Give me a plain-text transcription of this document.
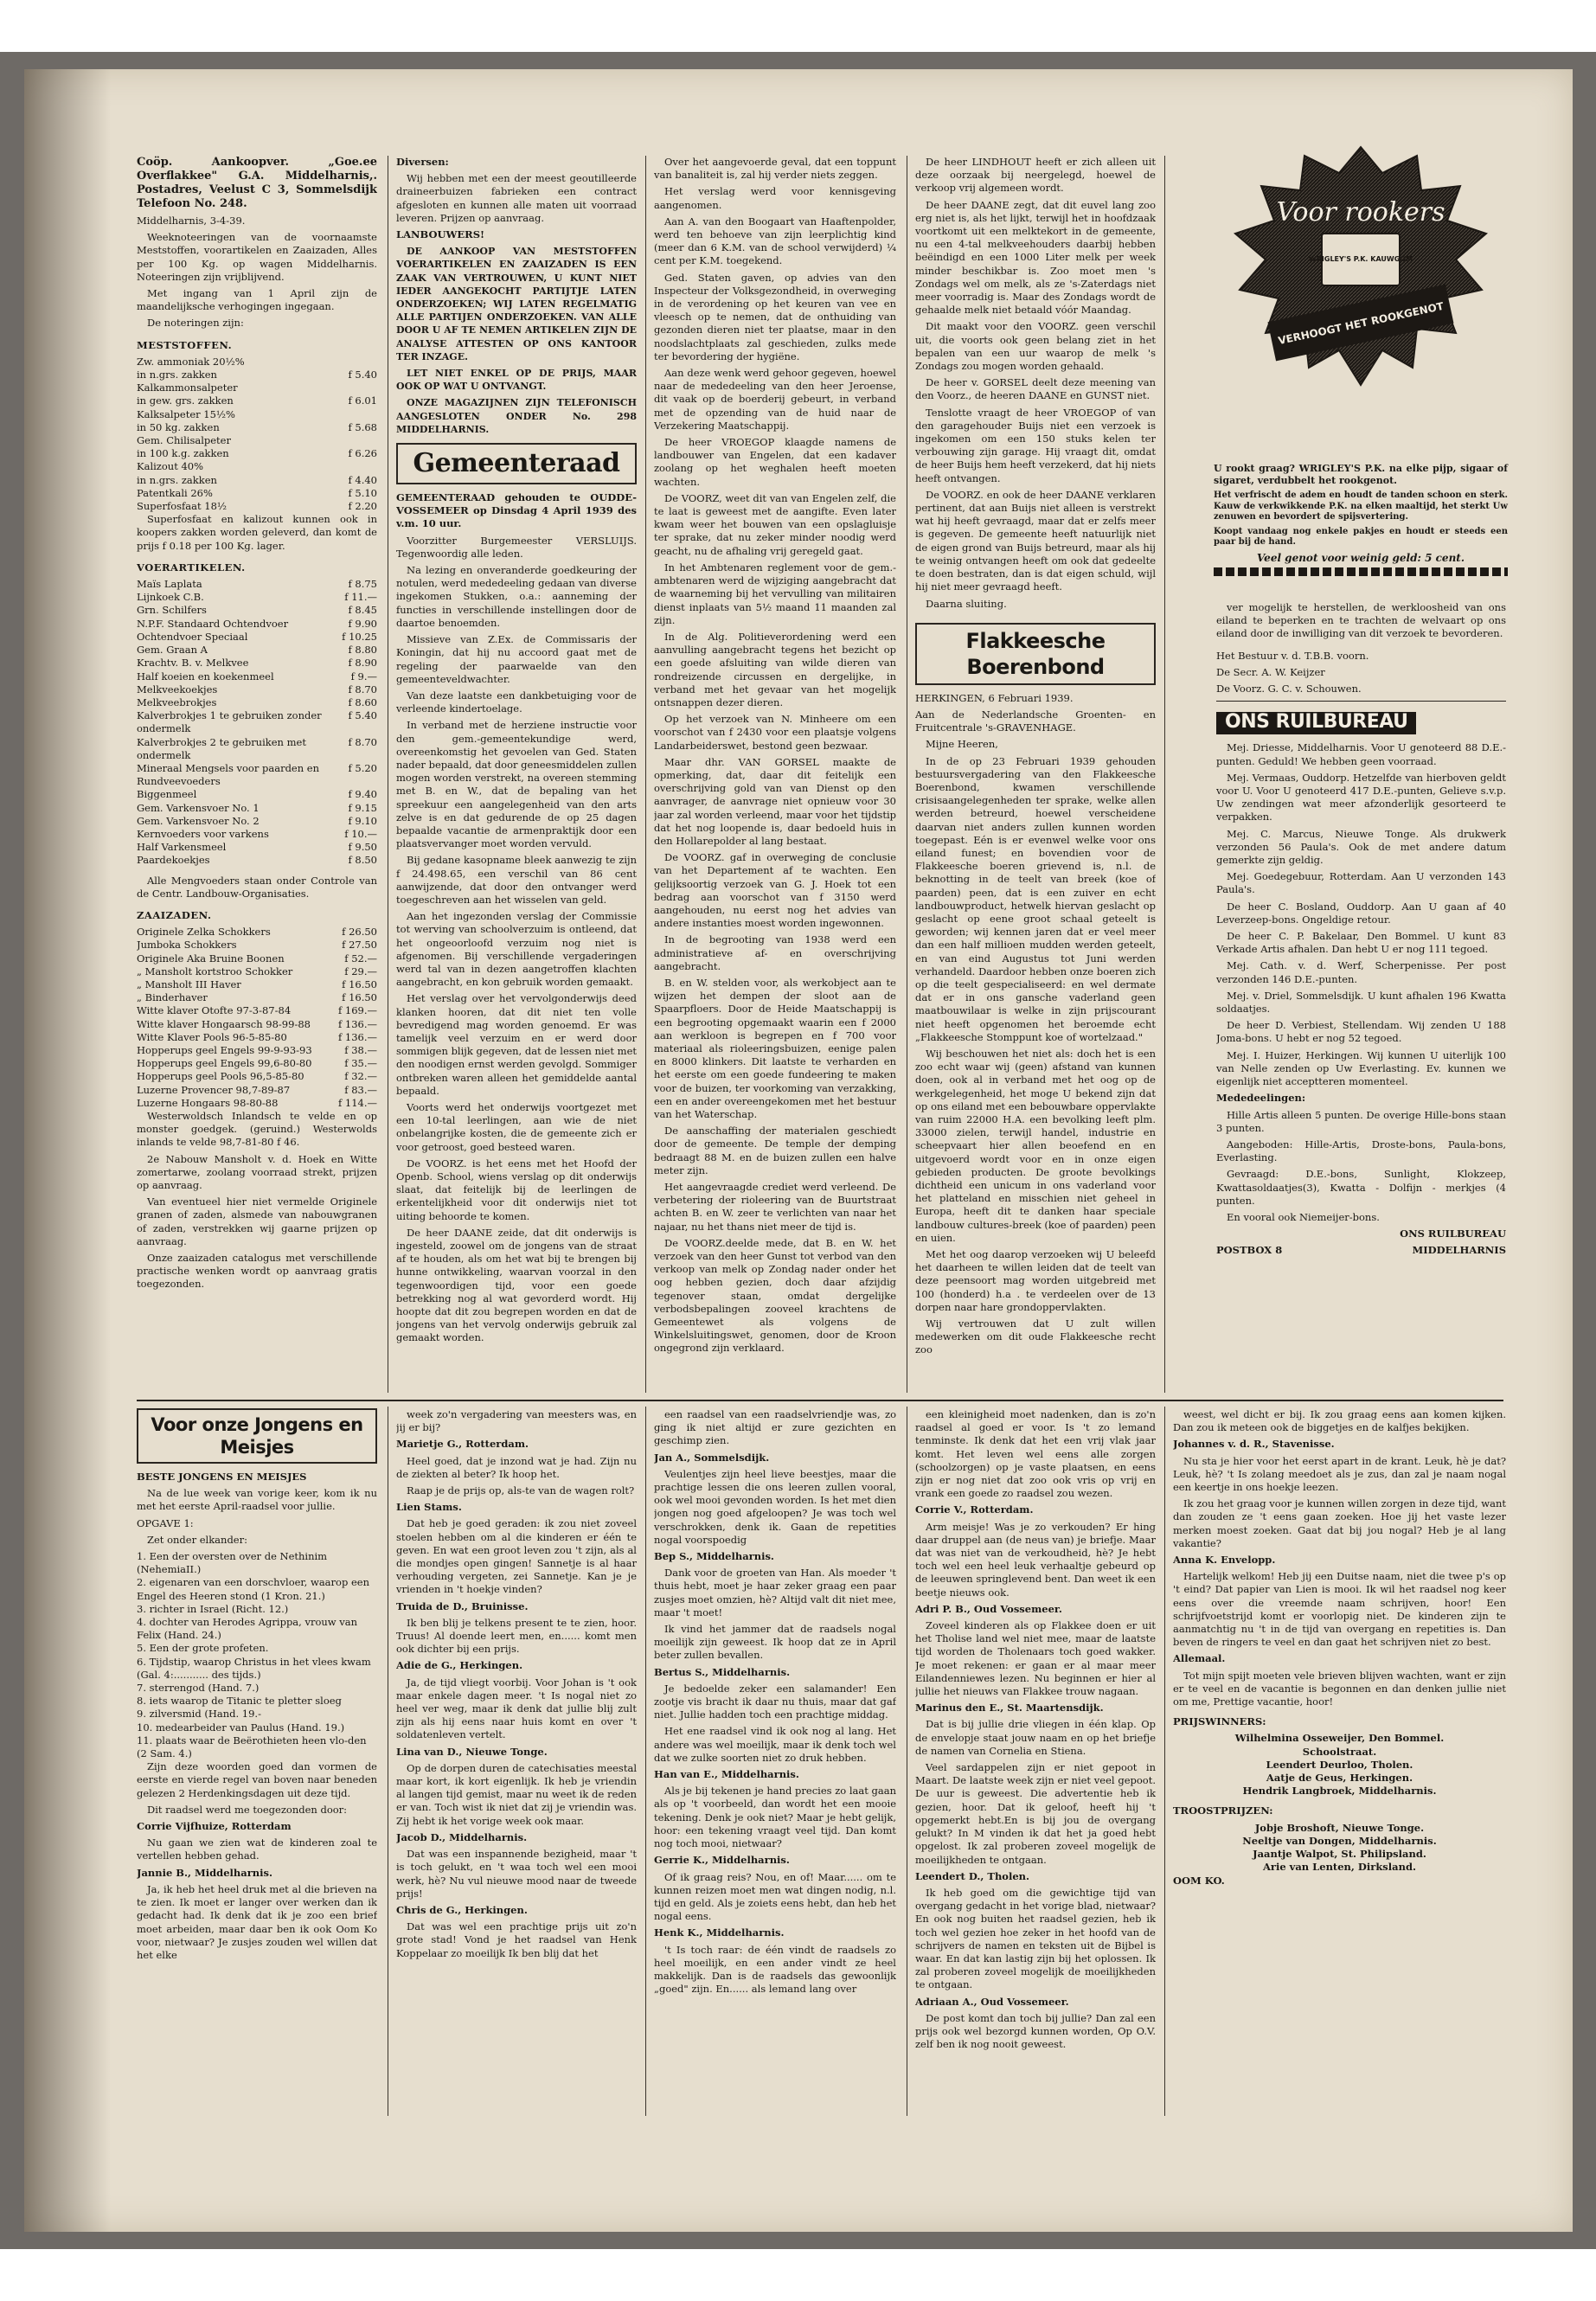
Coöp. Aankoopver. „Goe.ee Overflakkee" G.A. Middelharnis,. Postadres, Veelust C 3, Sommelsdijk Telefoon No. 248.

Middelharnis, 3-4-39.

Weeknoteeringen van de voornaamste Meststoffen, voorartikelen en Zaaizaden, Alles per 100 Kg. op wagen Middelharnis. Noteeringen zijn vrijblijvend.

Met ingang van 1 April zijn de maandelijksche verhogingen ingegaan.

De noteringen zijn:

MESTSTOFFEN.
Zw. ammoniak 20½%
in n.grs. zakken	f 5.40
Kalkammonsalpeter
in gew. grs. zakken	f 6.01
Kalksalpeter 15½%
in 50 kg. zakken	f 5.68
Gem. Chilisalpeter
in 100 k.g. zakken	f 6.26
Kalizout 40%
in n.grs. zakken	f 4.40
Patentkali 26%	f 5.10
Superfosfaat 18½	f 2.20

Superfosfaat en kalizout kunnen ook in koopers zakken worden geleverd, dan komt de prijs f 0.18 per 100 Kg. lager.

VOERARTIKELEN.
Maïs Laplata	f 8.75
Lijnkoek C.B.	f 11.—
Grn. Schilfers	f 8.45
N.P.F. Standaard Ochtendvoer	f 9.90
Ochtendvoer Speciaal	f 10.25
Gem. Graan A	f 8.80
Krachtv. B. v. Melkvee	f 8.90
Half koeien en koekenmeel	f 9.—
Melkveekoekjes	f 8.70
Melkveebrokjes	f 8.60
Kalverbrokjes 1 te gebruiken zonder ondermelk
f 5.40
Kalverbrokjes 2 te gebruiken met ondermelk
f 8.70
Mineraal Mengsels voor paarden en Rundveevoeders
f 5.20
Biggenmeel	f 9.40
Gem. Varkensvoer No. 1	f 9.15
Gem. Varkensvoer No. 2	f 9.10
Kernvoeders voor varkens	f 10.—
Half Varkensmeel	f 9.50
Paardekoekjes	f 8.50

Alle Mengvoeders staan onder Controle van de Centr. Landbouw-Organisaties.

ZAAIZADEN.
Originele Zelka Schokkers	f 26.50
Jumboka Schokkers	f 27.50
Originele Aka Bruine Boonen	f 52.—
„ Mansholt kortstroo Schokker	f 29.—
„ Mansholt III Haver	f 16.50
„ Binderhaver	f 16.50
Witte klaver Otofte 97-3-87-84	f 169.—
Witte klaver Hongaarsch 98-99-88	f 136.—
Witte Klaver Pools 96-5-85-80	f 136.—
Hopperups geel Engels 99-9-93-93	f 38.—
Hopperups geel Engels 99,6-80-80	f 35.—
Hopperups geel Pools 96,5-85-80	f 32.—
Luzerne Provencer 98,7-89-87	f 83.—
Luzerne Hongaars 98-80-88	f 114.—

Westerwoldsch Inlandsch te velde en op monster goedgek. (geruind.) Westerwolds inlands te velde 98,7-81-80 f 46.

2e Nabouw Mansholt v. d. Hoek en Witte zomertarwe, zoolang voorraad strekt, prijzen op aanvraag.

Van eventueel hier niet vermelde Originele granen of zaden, alsmede van nabouwgranen of zaden, verstrekken wij gaarne prijzen op aanvraag.

Onze zaaizaden catalogus met verschillende practische wenken wordt op aanvraag gratis toegezonden.

Diversen:

Wij hebben met een der meest geoutilleerde draineerbuizen fabrieken een contract afgesloten en kunnen alle maten uit voorraad leveren. Prijzen op aanvraag.

LANBOUWERS!

DE AANKOOP VAN MESTSTOFFEN VOERARTIKELEN EN ZAAIZADEN IS EEN ZAAK VAN VERTROUWEN, U KUNT NIET IEDER AANGEKOCHT PARTIJTJE LATEN ONDERZOEKEN; WIJ LATEN REGELMATIG ALLE PARTIJEN ONDERZOEKEN. VAN ALLE DOOR U AF TE NEMEN ARTIKELEN ZIJN DE ANALYSE ATTESTEN OP ONS KANTOOR TER INZAGE.

LET NIET ENKEL OP DE PRIJS, MAAR OOK OP WAT U ONTVANGT.

ONZE MAGAZIJNEN ZIJN TELEFONISCH AANGESLOTEN ONDER No. 298 MIDDELHARNIS.

Gemeenteraad

GEMEENTERAAD gehouden te OUDDE-VOSSEMEER op Dinsdag 4 April 1939 des v.m. 10 uur.

Voorzitter Burgemeester VERSLUIJS. Tegenwoordig alle leden.

Na lezing en onveranderde goedkeuring der notulen, werd mededeeling gedaan van diverse ingekomen Stukken, o.a.: aanneming der functies in verschillende instellingen door de daartoe benoemden.

Missieve van Z.Ex. de Commissaris der Koningin, dat hij nu accoord gaat met de regeling der paarwaelde van den gemeenteveldwachter.

Van deze laatste een dankbetuiging voor de verleende kindertoelage.

In verband met de herziene instructie voor den gem.-gemeentekundige werd, overeenkomstig het gevoelen van Ged. Staten nader bepaald, dat door geneesmiddelen zullen mogen worden verstrekt, na overeen stemming met B. en W., dat de bepaling van het spreekuur een aangelegenheid van den arts zelve is en dat gedurende de op 25 dagen bepaalde vacantie de armenpraktijk door een plaatsvervanger moet worden vervuld.

Bij gedane kasopname bleek aanwezig te zijn f 24.498.65, een verschil van 86 cent aanwijzende, dat door den ontvanger werd toegeschreven aan het wisselen van geld.

Aan het ingezonden verslag der Commissie tot werving van schoolverzuim is ontleend, dat het ongeoorloofd verzuim nog niet is afgenomen. Bij verschillende vergaderingen werd tal van in dezen aangetroffen klachten aangebracht, en kon gebruik worden gemaakt.

Het verslag over het vervolgonderwijs deed klanken hooren, dat dit niet ten volle bevredigend mag worden genoemd. Er was tamelijk veel verzuim en er werd door sommigen blijk gegeven, dat de lessen niet met den noodigen ernst werden gevolgd. Sommiger ontbreken waren alleen het gemiddelde aantal bepaald.

Voorts werd het onderwijs voortgezet met een 10-tal leerlingen, aan wie de niet onbelangrijke kosten, die de gemeente zich er voor getroost, goed besteed waren.

De VOORZ. is het eens met het Hoofd der Openb. School, wiens verslag op dit onderwijs slaat, dat feitelijk bij de leerlingen de erkentelijkheid voor dit onderwijs niet tot uiting behoorde te komen.

De heer DAANE zeide, dat dit onderwijs is ingesteld, zoowel om de jongens van de straat af te houden, als om het wat bij te brengen bij hunne ontwikkeling, waarvan voorzal in den tegenwoordigen tijd, voor een goede betrekking nog al wat gevorderd wordt. Hij hoopte dat dit zou begrepen worden en dat de jongens van het vervolg onderwijs gebruik zal gemaakt worden.

Over het aangevoerde geval, dat een toppunt van banaliteit is, zal hij verder niets zeggen.

Het verslag werd voor kennisgeving aangenomen.

Aan A. van den Boogaart van Haaftenpolder, werd ten behoeve van zijn leerplichtig kind (meer dan 6 K.M. van de school verwijderd) ¼ cent per K.M. toegekend.

Ged. Staten gaven, op advies van den Inspecteur der Volksgezondheid, in overweging in de verordening op het keuren van vee en vleesch op te nemen, dat de onthuiding van gezonden dieren niet ter plaatse, maar in den noodslachtplaats zal geschieden, zulks mede ter bevordering der hygiëne.

Aan deze wenk werd gehoor gegeven, hoewel naar de mededeeling van den heer Jeroense, dit vaak op de boerderij gebeurt, in verband met de opzending van de huid naar de Verzekering Maatschappij.

De heer VROEGOP klaagde namens de landbouwer van Engelen, dat een kadaver zoolang op het weghalen heeft moeten wachten.

De VOORZ, weet dit van van Engelen zelf, die te laat is geweest met de aangifte. Even later kwam weer het bouwen van een opslagluisje ter sprake, dat nu zeker minder noodig werd geacht, nu de afhaling vrij geregeld gaat.

In het Ambtenaren reglement voor de gem.-ambtenaren werd de wijziging aangebracht dat de waarneming bij het vervulling van militairen dienst inplaats van 5½ maand 11 maanden zal zijn.

In de Alg. Politieverordening werd een aanvulling aangebracht tegens het bezicht op een goede afsluiting van wilde dieren van rondreizende circussen en dergelijke, in verband met het gevaar van het mogelijk ontsnappen dezer dieren.

Op het verzoek van N. Minheere om een voorschot van f 2430 voor een plaatsje volgens Landarbeiderswet, bestond geen bezwaar.

Maar dhr. VAN GORSEL maakte de opmerking, dat, daar dit feitelijk een overschrijving gold van van Dienst op den aanvrager, de aanvrage niet opnieuw voor 30 jaar zal worden verleend, maar voor het tijdstip dat het nog loopende is, daar bedoeld huis in den Hollarepolder al lang bestaat.

De VOORZ. gaf in overweging de conclusie van het Departement af te wachten. Een gelijksoortig verzoek van G. J. Hoek tot een bedrag aan voorschot van f 3150 werd aangehouden, nu eerst nog het advies van andere instanties moest worden ingewonnen.

In de begrooting van 1938 werd een administratieve af- en overschrijving aangebracht.

B. en W. stelden voor, als werkobject aan te wijzen het dempen der sloot aan de Spaarpfloers. Door de Heide Maatschappij is een begrooting opgemaakt waarin een f 2000 aan werkloon is begrepen en f 700 voor materiaal als rioleeringsbuizen, eenige palen en 8000 klinkers. Dit laatste te verharden en het eerste om een goede fundeering te maken voor de buizen, ter voorkoming van verzakking, een en ander overeengekomen met het bestuur van het Waterschap.

De aanschaffing der materialen geschiedt door de gemeente. De temple der demping bedraagt 88 M. en de buizen zullen een halve meter zijn.

Het aangevraagde crediet werd verleend. De verbetering der rioleering van de Buurtstraat achten B. en W. zeer te verlichten van naar het najaar, nu het thans niet meer de tijd is.

De VOORZ.deelde mede, dat B. en W. het verzoek van den heer Gunst tot verbod van den verkoop van melk op Zondag nader onder het oog hebben gezien, doch daar afzijdig tegenover staan, omdat dergelijke verbodsbepalingen zooveel krachtens de Gemeentewet als volgens de Winkelsluitingswet, genomen, door de Kroon ongegrond zijn verklaard.

De heer LINDHOUT heeft er zich alleen uit deze oorzaak bij neergelegd, hoewel de verkoop vrij algemeen wordt.

De heer DAANE zegt, dat dit euvel lang zoo erg niet is, als het lijkt, terwijl het in hoofdzaak voortkomt uit een melktekort in de gemeente, nu een 4-tal melkveehouders daarbij hebben beëindigd en een 1000 Liter melk per week minder beschikbar is. Zoo moet men 's Zondags wel om melk, als ze 's-Zaterdags niet meer voorradig is. Maar des Zondags wordt de gehaalde melk niet betaald vóór Maandag.

Dit maakt voor den VOORZ. geen verschil uit, die voorts ook geen belang ziet in het bepalen van een uur waarop de melk 's Zondags zou mogen worden gehaald.

De heer v. GORSEL deelt deze meening van den Voorz., de heeren DAANE en GUNST niet.

Tenslotte vraagt de heer VROEGOP of van den garagehouder Buijs niet een verzoek is ingekomen om een 150 stuks kelen ter verbouwing zijn garage. Hij vraagt dit, omdat de heer Buijs hem heeft verzekerd, dat hij niets heeft ontvangen.

De VOORZ. en ook de heer DAANE verklaren pertinent, dat aan Buijs niet alleen is verstrekt wat hij heeft gevraagd, maar dat er zelfs meer is gegeven. De gemeente heeft natuurlijk niet de eigen grond van Buijs betreurd, maar als hij te weinig ontvangen heeft om ook dat gedeelte te doen bestraten, dan is dat eigen schuld, wijl hij niet meer gevraagd heeft.

Daarna sluiting.

Flakkeesche Boerenbond

HERKINGEN, 6 Februari 1939.

Aan de Nederlandsche Groenten- en Fruitcentrale 's-GRAVENHAGE.

Mijne Heeren,

In de op 23 Februari 1939 gehouden bestuursvergadering van den Flakkeesche Boerenbond, kwamen verschillende crisisaangelegenheden ter sprake, welke allen werden betreurd, hoewel verscheidene daarvan niet anders zullen kunnen worden toegepast. Eén is er evenwel welke voor ons eiland funest; en bovendien voor de Flakkeesche boeren grievend is, n.l. de beknotting in de teelt van breek (koe of paarden) peen, dat is een zuiver en echt landbouwproduct, hetwelk hiervan geslacht op geslacht op eene groot schaal geteelt is geworden; wij kennen jaren dat er veel meer dan een half millioen mudden werden geteelt, en van eind Augustus tot Juni werden verhandeld. Daardoor hebben onze boeren zich op die teelt gespecialiseerd: en wel dermate dat er in ons gansche vaderland geen maatbouwilaar is welke in zijn prijscourant niet heeft opgenomen het beroemde echt „Flakkeesche Stomppunt koe of wortelzaad."

Wij beschouwen het niet als: doch het is een zoo echt waar wij (geen) afstand van kunnen doen, ook al in verband met het oog op de werkgelegenheid, het moge U bekend zijn dat op ons eiland met een bebouwbare oppervlakte van ruim 22000 H.A. een bevolking leeft plm. 33000 zielen, terwijl handel, industrie en scheepvaart hier allen beoefend en en uitgevoerd wordt voor en in onze eigen gebieden producten. De groote bevolkings dichtheid een unicum in ons vaderland voor het platteland en misschien niet geheel in Europa, heeft dit te danken haar speciale landbouw cultures-breek (koe of paarden) peen en uien.

Met het oog daarop verzoeken wij U beleefd het daarheen te willen leiden dat de teelt van deze peensoort mag worden uitgebreid met 100 (honderd) h.a . te verdeelen over de 13 dorpen naar hare grondoppervlakten.

Wij vertrouwen dat U zult willen medewerken om dit oude Flakkeesche recht zoo

Voor rookers
WRIGLEY'S P.K. KAUWGOM
VERHOOGT HET ROOKGENOT

U rookt graag? WRIGLEY'S P.K. na elke pijp, sigaar of sigaret, verdubbelt het rookgenot.

Het verfrischt de adem en houdt de tanden schoon en sterk. Kauw de verkwikkende P.K. na elken maaltijd, het sterkt Uw zenuwen en bevordert de spijsvertering.

Koopt vandaag nog enkele pakjes en houdt er steeds een paar bij de hand.

Veel genot voor weinig geld: 5 cent.

ver mogelijk te herstellen, de werkloosheid van ons eiland te beperken en te trachten de welvaart op ons eiland door de inwilliging van dit verzoek te bevorderen.

Het Bestuur v. d. T.B.B. voorn.

De Secr. A. W. Keijzer

De Voorz. G. C. v. Schouwen.

ONS RUILBUREAU

Mej. Driesse, Middelharnis. Voor U genoteerd 88 D.E.-punten. Geduld! We hebben geen voorraad.

Mej. Vermaas, Ouddorp. Hetzelfde van hierboven geldt voor U. Voor U genoteerd 417 D.E.-punten, Gelieve s.v.p. Uw zendingen wat meer afzonderlijk gesorteerd te verpakken.

Mej. C. Marcus, Nieuwe Tonge. Als drukwerk verzonden 56 Paula's. Ook de met andere datum gemerkte zijn geldig.

Mej. Goedegebuur, Rotterdam. Aan U verzonden 143 Paula's.

De heer C. Bosland, Ouddorp. Aan U gaan af 40 Leverzeep-bons. Ongeldige retour.

De heer C. P. Bakelaar, Den Bommel. U kunt 83 Verkade Artis afhalen. Dan hebt U er nog 111 tegoed.

Mej. Cath. v. d. Werf, Scherpenisse. Per post verzonden 146 D.E.-punten.

Mej. v. Driel, Sommelsdijk. U kunt afhalen 196 Kwatta soldaatjes.

De heer D. Verbiest, Stellendam. Wij zenden U 188 Joma-bons. U hebt er nog 52 tegoed.

Mej. I. Huizer, Herkingen. Wij kunnen U uiterlijk 100 van Nelle zenden op Uw Everlasting. Ev. kunnen we eigenlijk niet acceptteren momenteel.

Mededeelingen:

Hille Artis alleen 5 punten. De overige Hille-bons staan 3 punten.

Aangeboden: Hille-Artis, Droste-bons, Paula-bons, Everlasting.

Gevraagd: D.E.-bons, Sunlight, Klokzeep, Kwattasoldaatjes(3), Kwatta - Dolfijn - merkjes (4 punten.

En vooral ook Niemeijer-bons.

ONS RUILBUREAU

POSTBOX 8	MIDDELHARNIS

Voor onze Jongens en Meisjes

BESTE JONGENS EN MEISJES

Na de lue week van vorige keer, kom ik nu met het eerste April-raadsel voor jullie.

OPGAVE 1:

Zet onder elkander:

1. Een der oversten over de Nethinim (NehemiaII.)
2. eigenaren van een dorschvloer, waarop een Engel des Heeren stond (1 Kron. 21.)
3. richter in Israel (Richt. 12.)
4. dochter van Herodes Agrippa, vrouw van Felix (Hand. 24.)
5. Een der grote profeten.
6. Tijdstip, waarop Christus in het vlees kwam (Gal. 4:........... des tijds.)
7. sterrengod (Hand. 7.)
8. iets waarop de Titanic te pletter sloeg
9. zilversmid (Hand. 19.-
10. medearbeider van Paulus (Hand. 19.)
11. plaats waar de Beërothieten heen vlo-den (2 Sam. 4.)

Zijn deze woorden goed dan vormen de eerste en vierde regel van boven naar beneden gelezen 2 Herdenkingsdagen uit deze tijd.

Dit raadsel werd me toegezonden door:

Corrie Vijfhuize, Rotterdam

Nu gaan we zien wat de kinderen zoal te vertellen hebben gehad.

Jannie B., Middelharnis.

Ja, ik heb het heel druk met al die brieven na te zien. Ik moet er langer over werken dan ik gedacht had. Ik denk dat ik je zoo een brief moet arbeiden, maar daar ben ik ook Oom Ko voor, nietwaar? Je zusjes zouden wel willen dat het elke

week zo'n vergadering van meesters was, en jij er bij?

Marietje G., Rotterdam.

Heel goed, dat je inzond wat je had. Zijn nu de ziekten al beter? Ik hoop het.

Raap je de prijs op, als-te van de wagen rolt?

Lien Stams.

Dat heb je goed geraden: ik zou niet zoveel stoelen hebben om al die kinderen er één te geven. En wat een groot leven zou 't zijn, als al die mondjes open gingen! Sannetje is al haar verhouding vergeten, zei Sannetje. Kan je je vrienden in 't hoekje vinden?

Truida de D., Bruinisse.

Ik ben blij je telkens present te te zien, hoor. Truus! Al doende leert men, en...... komt men ook dichter bij een prijs.

Adie de G., Herkingen.

Ja, de tijd vliegt voorbij. Voor Johan is 't ook maar enkele dagen meer. 't Is nogal niet zo heel ver weg, maar ik denk dat jullie blij zult zijn als hij eens naar huis komt en over 't soldatenleven vertelt.

Lina van D., Nieuwe Tonge.

Op de dorpen duren de catechisaties meestal maar kort, ik kort eigenlijk. Ik heb je vriendin al langen tijd gemist, maar nu weet ik de reden er van. Toch wist ik niet dat zij je vriendin was. Zij hebt ik het vorige week ook maar.

Jacob D., Middelharnis.

Dat was een inspannende bezigheid, maar 't is toch gelukt, en 't waa toch wel een mooi werk, hè? Nu vul nieuwe mood naar de tweede prijs!

Chris de G., Herkingen.

Dat was wel een prachtige prijs uit zo'n grote stad! Vond je het raadsel van Henk Koppelaar zo moeilijk Ik ben blij dat het

een raadsel van een raadselvriendje was, zo ging ik niet altijd er zure gezichten en geschimp zien.

Jan A., Sommelsdijk.

Veulentjes zijn heel lieve beestjes, maar die prachtige lessen die ons leeren zullen vooral, ook wel mooi gevonden worden. Is het met dien jongen nog goed afgeloopen? Je was toch wel verschrokken, denk ik. Gaan de repetities nogal voorspoedig

Bep S., Middelharnis.

Dank voor de groeten van Han. Als moeder 't thuis hebt, moet je haar zeker graag een paar zusjes moet omzien, hè? Altijd valt dit niet mee, maar 't moet!

Ik vind het jammer dat de raadsels nogal moeilijk zijn geweest. Ik hoop dat ze in April beter zullen bevallen.

Bertus S., Middelharnis.

Je bedoelde zeker een salamander! Een zootje vis bracht ik daar nu thuis, maar dat gaf niet. Jullie hadden toch een prachtige middag.

Het ene raadsel vind ik ook nog al lang. Het andere was wel moeilijk, maar ik denk toch wel dat we zulke soorten niet zo druk hebben.

Han van E., Middelharnis.

Als je bij tekenen je hand precies zo laat gaan als op 't voorbeeld, dan wordt het een mooie tekening. Denk je ook niet? Maar je hebt gelijk, hoor: een tekening vraagt veel tijd. Dan komt nog toch mooi, nietwaar?

Gerrie K., Middelharnis.

Of ik graag reis? Nou, en of! Maar...... om te kunnen reizen moet men wat dingen nodig, n.l. tijd en geld. Als je zoiets eens hebt, dan heb het nogal eens.

Henk K., Middelharnis.

't Is toch raar: de één vindt de raadsels zo heel moeilijk, en een ander vindt ze heel makkelijk. Dan is de raadsels das gewoonlijk „goed" zijn. En...... als lemand lang over

een kleinigheid moet nadenken, dan is zo'n raadsel al goed er voor. Is 't zo lemand tenminste. Ik denk dat het een vrij vlak jaar komt. Het leven wel eens alle zorgen (schoolzorgen) op je vaste plaatsen, en eens zijn er nog niet dat zoo ook vris op vrij en vrank een goede zo raadsel zou wezen.

Corrie V., Rotterdam.

Arm meisje! Was je zo verkouden? Er hing daar druppel aan (de neus van) je briefje. Maar dat was niet van de verkoudheid, hè? Je hebt toch wel een heel leuk verhaaltje gebeurd op de leeuwen springlevend bent. Dan weet ik een beetje nieuws ook.

Adri P. B., Oud Vossemeer.

Zoveel kinderen als op Flakkee doen er uit het Tholise land wel niet mee, maar de laatste tijd worden de Tholenaars toch goed wakker. Je moet rekenen: er gaan er al maar meer Eilandenniewes lezen. Nu beginnen er hier al jullie het nieuws van Flakkee trouw nagaan.

Marinus den E., St. Maartensdijk.

Dat is bij jullie drie vliegen in één klap. Op de envelopje staat jouw naam en op het briefje de namen van Cornelia en Stiena.

Veel sardappelen zijn er niet gepoot in Maart. De laatste week zijn er niet veel gepoot. De uur is geweest. Die advertentie heb ik gezien, hoor. Dat ik geloof, heeft hij 't opgemerkt hebt.En is bij jou de overgang gelukt? In M vinden ik dat het ja goed hebt opgelost. Ik zal proberen zoveel mogelijk de moeilijkheden te ontgaan.

Leendert D., Tholen.

Ik heb goed om die gewichtige tijd van overgang gedacht in het vorige blad, nietwaar? En ook nog buiten het raadsel gezien, heb ik toch wel gezien hoe zeker in het hoofd van de schrijvers de namen en teksten uit de Bijbel is waar. En dat kan lastig zijn bij het oplossen. Ik zal proberen zoveel mogelijk de moeilijkheden te ontgaan.

Adriaan A., Oud Vossemeer.

De post komt dan toch bij jullie? Dan zal een prijs ook wel bezorgd kunnen worden, Op O.V. zelf ben ik nog nooit geweest.

weest, wel dicht er bij. Ik zou graag eens aan komen kijken. Dan zou ik meteen ook de biggetjes en de kalfjes bekijken.

Johannes v. d. R., Stavenisse.

Nu sta je hier voor het eerst apart in de krant. Leuk, hè je dat? Leuk, hè? 't Is zolang meedoet als je zus, dan zal je naam nogal een keertje in ons hoekje leezen.

Ik zou het graag voor je kunnen willen zorgen in deze tijd, want dan zouden ze 't eens gaan zoeken. Hoe jij het vaste lezer merken moest zoeken. Gaat dat bij jou nogal? Heb je al lang vakantie?

Anna K. Envelopp.

Hartelijk welkom! Heb jij een Duitse naam, niet die twee p's op 't eind? Dat papier van Lien is mooi. Ik wil het raadsel nog keer eens over die vreemde naam schrijven, hoor! Een schrijfvoetstrijd komt er voorlopig niet. De kinderen zijn te aanmatchtig nu 't in de tijd van overgang en repetities is. Dan beven de ringers te veel en dan gaat het schrijven niet zo best.

Allemaal.

Tot mijn spijt moeten vele brieven blijven wachten, want er zijn er te veel en de vacantie is begonnen en dan denken jullie niet om me, Prettige vacantie, hoor!

PRIJSWINNERS:

Wilhelmina Osseweijer, Den Bommel.
Schoolstraat.
Leendert Deurloo, Tholen.
Aatje de Geus, Herkingen.
Hendrik Langbroek, Middelharnis.

TROOSTPRIJZEN:

Jobje Broshoft, Nieuwe Tonge.
Neeltje van Dongen, Middelharnis.
Jaantje Walpot, St. Philipsland.
Arie van Lenten, Dirksland.

OOM KO.
